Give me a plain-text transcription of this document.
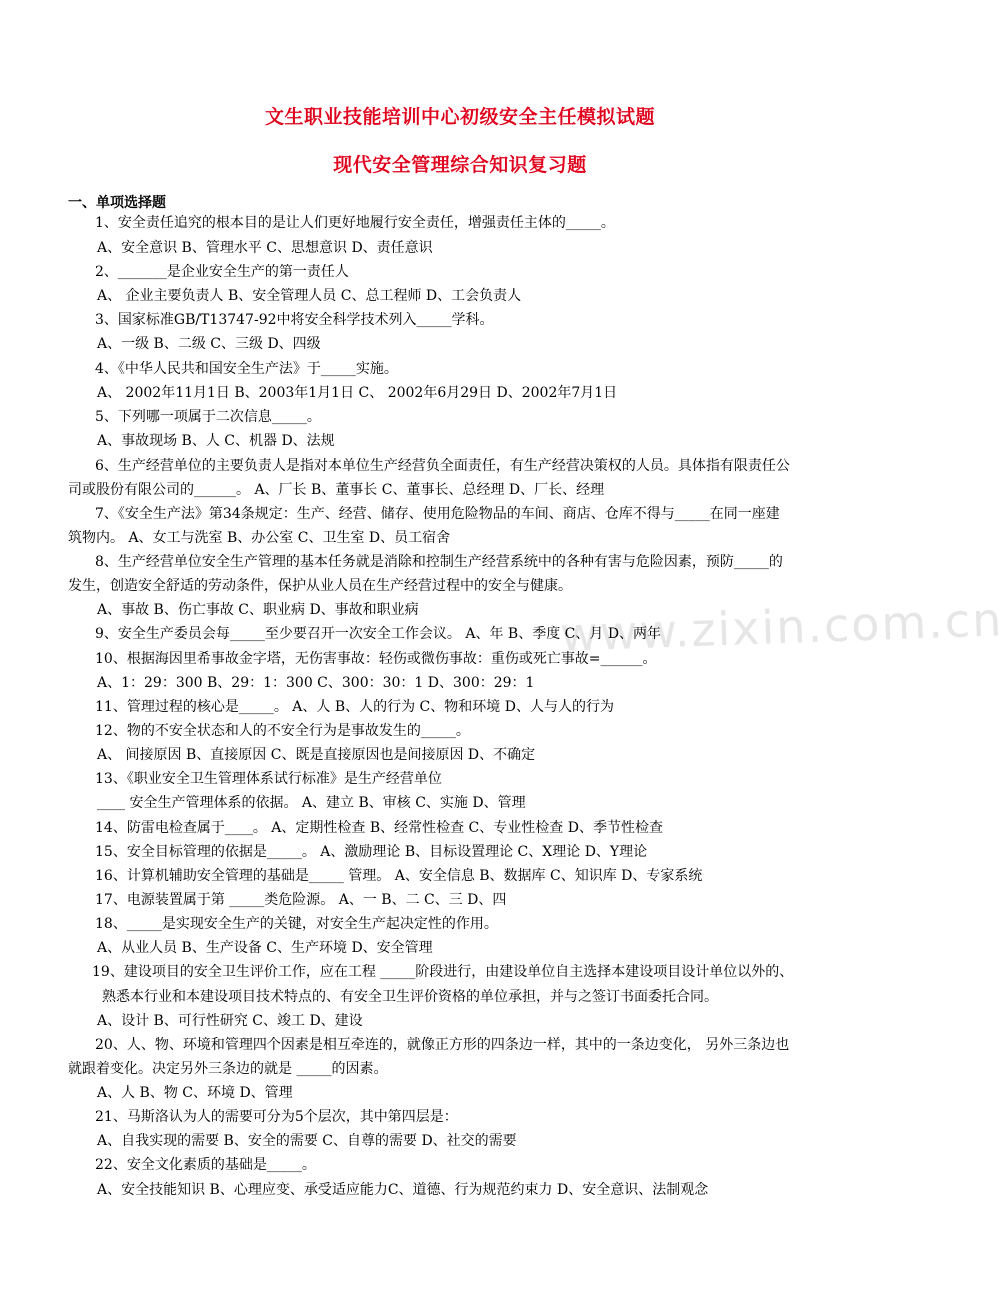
文生职业技能培训中心初级安全主任模拟试题
现代安全管理综合知识复习题
一、单项选择题
www.zixin.com.cn
1、安全责任追究的根本目的是让人们更好地履行安全责任，增强责任主体的_____。
A、安全意识 B、管理水平 C、思想意识 D、责任意识
2、_______是企业安全生产的第一责任人
A、 企业主要负责人 B、安全管理人员 C、总工程师 D、工会负责人
3、国家标准GB/T13747-92中将安全科学技术列入_____学科。
A、一级 B、二级 C、三级 D、四级
4、《中华人民共和国安全生产法》于_____实施。
A、 2002年11月1日 B、2003年1月1日 C、 2002年6月29日 D、2002年7月1日
5、下列哪一项属于二次信息_____。
A、事故现场 B、人 C、机器 D、法规
6、生产经营单位的主要负责人是指对本单位生产经营负全面责任，有生产经营决策权的人员。具体指有限责任公
司或股份有限公司的______。 A、厂长 B、董事长 C、董事长、总经理 D、厂长、经理
7、《安全生产法》第34条规定：生产、经营、储存、使用危险物品的车间、商店、仓库不得与_____在同一座建
筑物内。 A、女工与洗室 B、办公室 C、卫生室 D、员工宿舍
8、生产经营单位安全生产管理的基本任务就是消除和控制生产经营系统中的各种有害与危险因素，预防_____的
发生，创造安全舒适的劳动条件，保护从业人员在生产经营过程中的安全与健康。
A、事故 B、伤亡事故 C、职业病 D、事故和职业病
9、安全生产委员会每_____至少要召开一次安全工作会议。 A、年 B、季度 C、月 D、两年
10、根据海因里希事故金字塔，无伤害事故：轻伤或微伤事故：重伤或死亡事故=______。
A、1：29：300 B、29：1：300 C、300：30：1 D、300：29：1
11、管理过程的核心是_____。 A、人 B、人的行为 C、物和环境 D、人与人的行为
12、物的不安全状态和人的不安全行为是事故发生的_____。
A、 间接原因 B、直接原因 C、既是直接原因也是间接原因 D、不确定
13、《职业安全卫生管理体系试行标准》是生产经营单位
____ 安全生产管理体系的依据。 A、建立 B、审核 C、实施 D、管理
14、防雷电检查属于____。 A、定期性检查 B、经常性检查 C、专业性检查 D、季节性检查
15、安全目标管理的依据是_____。 A、激励理论 B、目标设置理论 C、X理论 D、Y理论
16、计算机辅助安全管理的基础是_____ 管理。 A、安全信息 B、数据库 C、知识库 D、专家系统
17、电源装置属于第 _____类危险源。 A、一 B、二 C、三 D、四
18、_____是实现安全生产的关键，对安全生产起决定性的作用。
A、从业人员 B、生产设备 C、生产环境 D、安全管理
19、建设项目的安全卫生评价工作，应在工程 _____阶段进行，由建设单位自主选择本建设项目设计单位以外的、
熟悉本行业和本建设项目技术特点的、有安全卫生评价资格的单位承担，并与之签订书面委托合同。
A、设计 B、可行性研究 C、竣工 D、建设
20、人、物、环境和管理四个因素是相互牵连的，就像正方形的四条边一样，其中的一条边变化， 另外三条边也
就跟着变化。决定另外三条边的就是 _____的因素。
A、人 B、物 C、环境 D、管理
21、马斯洛认为人的需要可分为5个层次，其中第四层是：
A、自我实现的需要 B、安全的需要 C、自尊的需要 D、社交的需要
22、安全文化素质的基础是_____。
A、安全技能知识 B、心理应变、承受适应能力C、道德、行为规范约束力 D、安全意识、法制观念
